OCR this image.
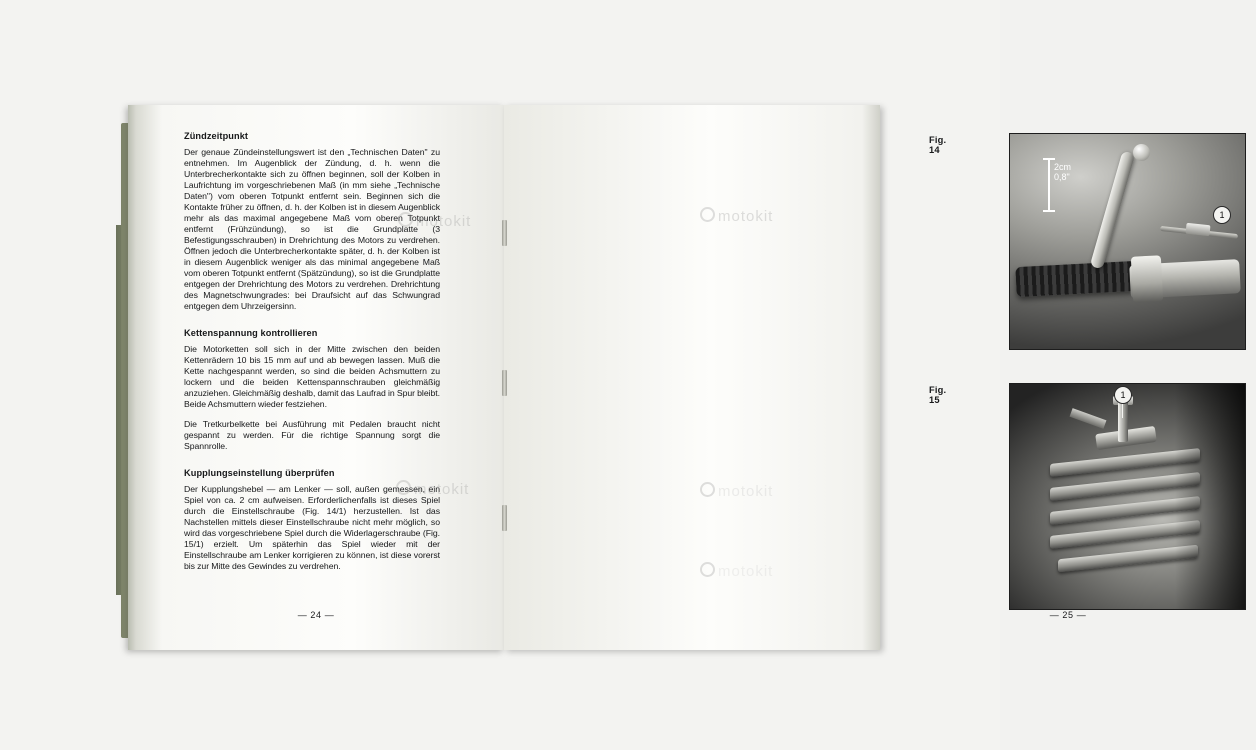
Zündzeitpunkt

Der genaue Zündeinstellungswert ist den „Technischen Daten" zu entnehmen. Im Augenblick der Zündung, d. h. wenn die Unterbrecherkontakte sich zu öffnen beginnen, soll der Kolben in Laufrichtung im vorgeschriebenen Maß (in mm siehe „Technische Daten") vom oberen Totpunkt entfernt sein. Beginnen sich die Kontakte früher zu öffnen, d. h. der Kolben ist in diesem Augenblick mehr als das maximal angegebene Maß vom oberen Totpunkt entfernt (Frühzündung), so ist die Grundplatte (3 Befestigungsschrauben) in Drehrichtung des Motors zu verdrehen. Öffnen jedoch die Unterbrecherkontakte später, d. h. der Kolben ist in diesem Augenblick weniger als das minimal angegebene Maß vom oberen Totpunkt entfernt (Spätzündung), so ist die Grundplatte entgegen der Drehrichtung des Motors zu verdrehen. Drehrichtung des Magnetschwungrades: bei Draufsicht auf das Schwungrad entgegen dem Uhrzeigersinn.

Kettenspannung kontrollieren

Die Motorketten soll sich in der Mitte zwischen den beiden Kettenrädern 10 bis 15 mm auf und ab bewegen lassen. Muß die Kette nachgespannt werden, so sind die beiden Achsmuttern zu lockern und die beiden Kettenspannschrauben gleichmäßig anzuziehen. Gleichmäßig deshalb, damit das Laufrad in Spur bleibt. Beide Achsmuttern wieder festziehen.

Die Tretkurbelkette bei Ausführung mit Pedalen braucht nicht gespannt zu werden. Für die richtige Spannung sorgt die Spannrolle.

Kupplungseinstellung überprüfen

Der Kupplungshebel — am Lenker — soll, außen gemessen, ein Spiel von ca. 2 cm aufweisen. Erforderlichenfalls ist dieses Spiel durch die Einstellschraube (Fig. 14/1) herzustellen. Ist das Nachstellen mittels dieser Einstellschraube nicht mehr möglich, so wird das vorgeschriebene Spiel durch die Widerlagerschraube (Fig. 15/1) erzielt. Um späterhin das Spiel wieder mit der Einstellschraube am Lenker korrigieren zu können, ist diese vorerst bis zur Mitte des Gewindes zu verdrehen.

— 24 —
Fig. 14
2cm
0,8"
1
Fig. 15	1
— 25 —
motokit	motokit
motokit	motokit
motokit
